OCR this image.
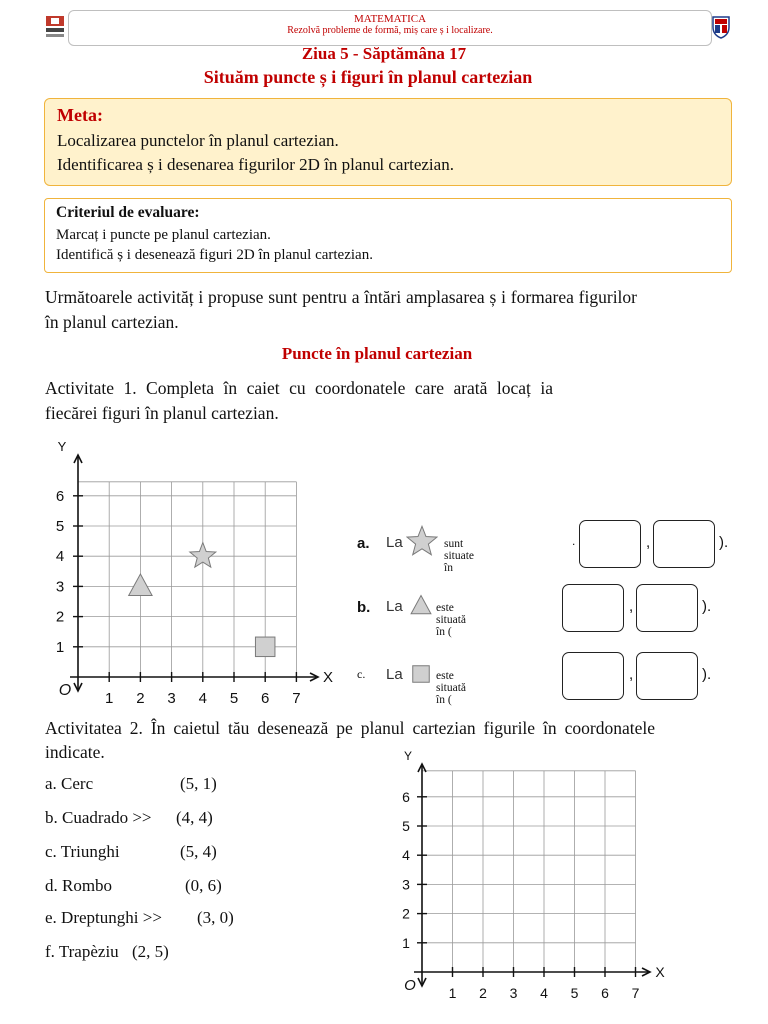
MATEMATICA
Rezolvă probleme de formă, miș care ș i localizare.
Ziua 5 - Săptămâna 17
Situăm puncte ș i figuri în planul cartezian
Meta:
Localizarea punctelor în planul cartezian.
Identificarea ș i desenarea figurilor 2D în planul cartezian.
Criteriul de evaluare:
Marcaț i puncte pe planul cartezian.
Identifică ș i desenează figuri 2D în planul cartezian.
Următoarele activităț i propuse sunt pentru a întări amplasarea ș i formarea figurilor în planul cartezian.
Puncte în planul cartezian
Activitate 1. Completa în caiet cu coordonatele care arată locaț ia fiecărei figuri în planul cartezian.
1 2 3 4 5 6 7
1
2
3
4
5
6
Y
X
O
a. La	sunt situate în
.	,	).
b. La	este situată în (
,	).
c. La	este situată în (
,	).
Activitatea 2. În caietul tău desenează pe planul cartezian figurile în coordonatele indicate.
a. Cerc	(5, 1)
b. Cuadrado >> (4, 4)
c. Triunghi	(5, 4)
d. Rombo	(0, 6)
e. Dreptunghi >> (3, 0)
f. Trapèziu (2, 5)
1 2 3 4 5 6 7
1
2
3
4
5
6
Y
X
O
